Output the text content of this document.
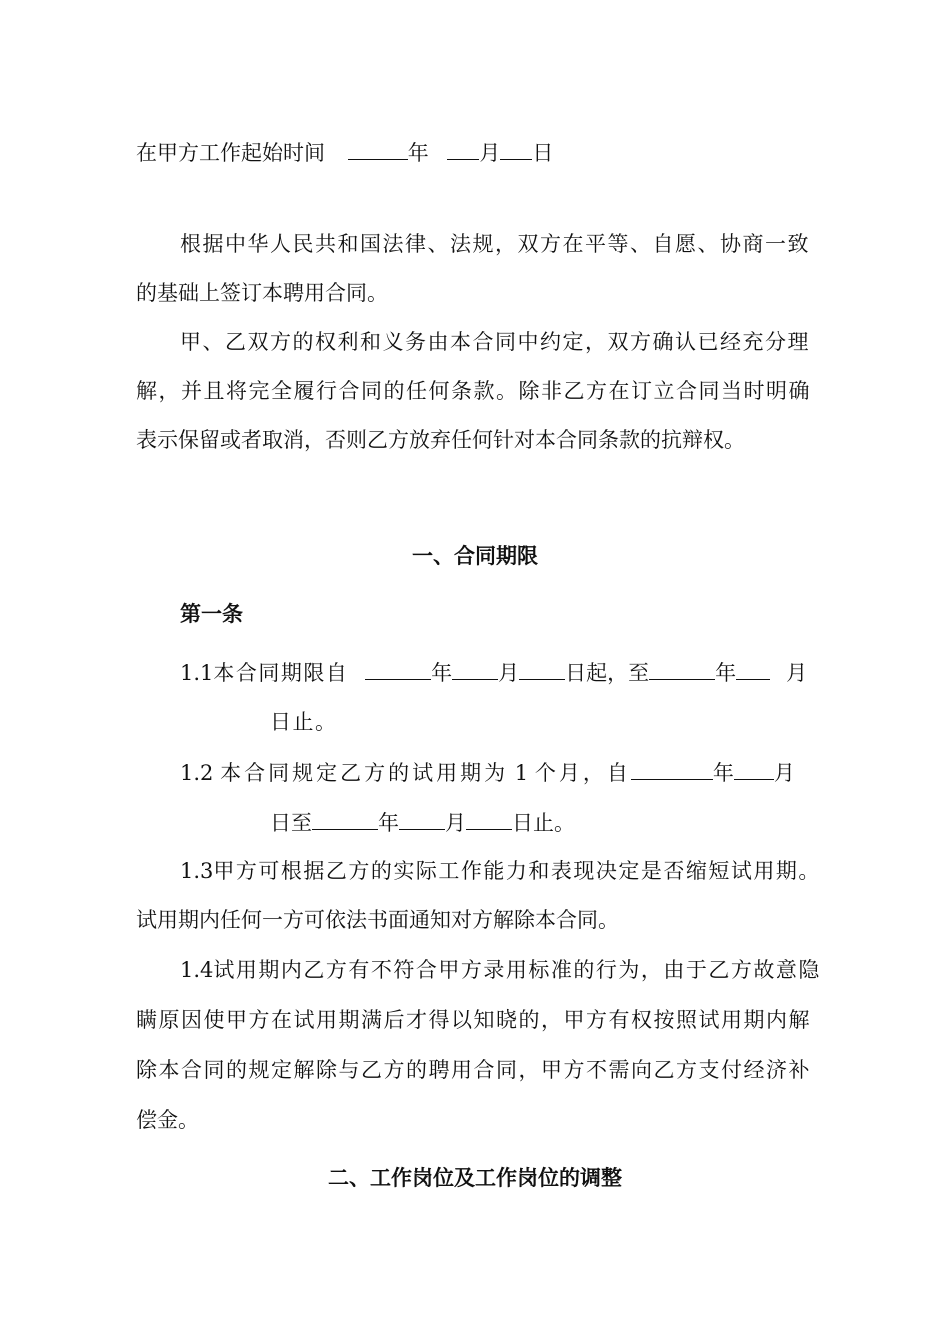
在甲方工作起始时间	年 月 日
根据中华人民共和国法律、法规，双方在平等、自愿、协商一致
的基础上签订本聘用合同。
甲、乙双方的权利和义务由本合同中约定，双方确认已经充分理
解，并且将完全履行合同的任何条款。除非乙方在订立合同当时明确
表示保留或者取消，否则乙方放弃任何针对本合同条款的抗辩权。
一、合同期限
第一条
1.1本合同期限自	年 月 日起，至	年 月
日止。
1.2 本合同规定乙方的试用期为 1 个月，自	年 月
日至	年 月 日止。
1.3甲方可根据乙方的实际工作能力和表现决定是否缩短试用期。
试用期内任何一方可依法书面通知对方解除本合同。
1.4试用期内乙方有不符合甲方录用标准的行为，由于乙方故意隐
瞒原因使甲方在试用期满后才得以知晓的，甲方有权按照试用期内解
除本合同的规定解除与乙方的聘用合同，甲方不需向乙方支付经济补
偿金。
二、工作岗位及工作岗位的调整
